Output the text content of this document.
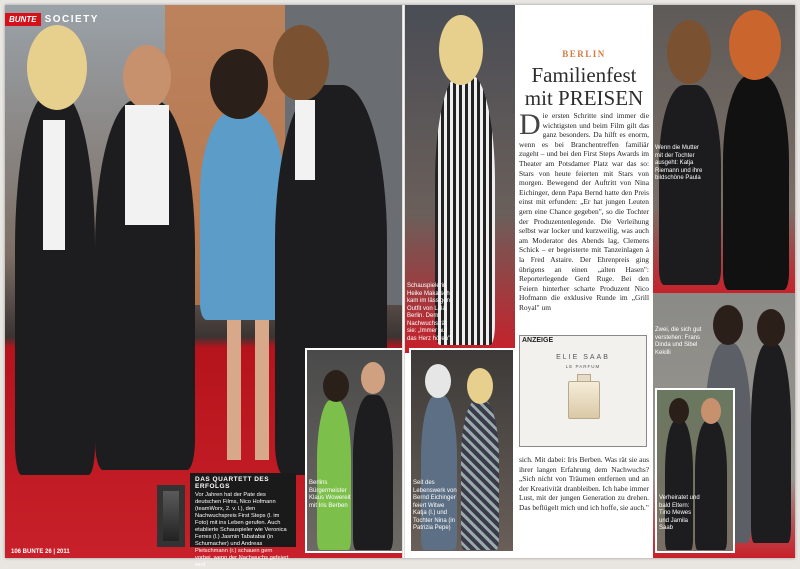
BUNTE SOCIETY
DAS QUARTETT DES ERFOLGS

Vor Jahren hat der Pate des deutschen Films, Nico Hofmann (teamWorx, 2. v. l.), den Nachwuchspreis First Steps (l. im Foto) mit ins Leben gerufen. Auch etablierte Schauspieler wie Veronica Ferres (l.) Jasmin Tabatabai (in Schumacher) und Andreas Pietschmann (r.) schauen gern vorbei, wenn der Nachwuchs gefeiert wird

106 BUNTE 26 | 2011
Berlins Bürgermeister Klaus Wowereit mit Iris Berben
Schauspielerin Heike Makatsch kam im lässigen Outfit von Lala Berlin. Dem Nachwuchs rät sie: „Immer auf das Herz hören"
Seit des Lebenswerk von Bernd Eichinger feiert Witwe Katja (l.) und Tochter Nina (in Patrizia Pepe)
BERLIN
Familienfest
mit PREISEN
Die ersten Schritte sind immer die wichtigsten und beim Film gilt das ganz besonders. Da hilft es enorm, wenn es bei Branchentreffen familiär zugeht – und bei den First Steps Awards im Theater am Potsdamer Platz war das so: Stars von heute feierten mit Stars von morgen. Bewegend der Auftritt von Nina Eichinger, denn Papa Bernd hatte den Preis einst mit erfunden: „Er hat jungen Leuten gern eine Chance gegeben", so die Tochter der Produzentenlegende. Die Verleihung selbst war locker und kurzweilig, was auch am Moderator des Abends lag, Clemens Schick – er begeisterte mit Tanzeinlagen à la Fred Astaire. Der Ehrenpreis ging übrigens an einen „alten Hasen": Reporterlegende Gerd Ruge. Bei den Feiern hinterher scharte Produzent Nico Hofmann die exklusive Runde im „Grill Royal" um
ANZEIGE
ELIE SAAB
LE PARFUM
sich. Mit dabei: Iris Berben. Was rät sie aus ihrer langen Erfahrung dem Nachwuchs? „Sich nicht von Träumen entfernen und an der Kreativität dranbleiben. Ich habe immer Lust, mit der jungen Generation zu drehen. Das beflügelt mich und ich hoffe, sie auch."
Wenn die Mutter mit der Tochter ausgeht: Katja Riemann und ihre bildschöne Paula
Zwei, die sich gut verstehen: Frans Dinda und Sibel Kekilli
Verheiratet und bald Eltern: Tino Mewes und Jamila Saab
